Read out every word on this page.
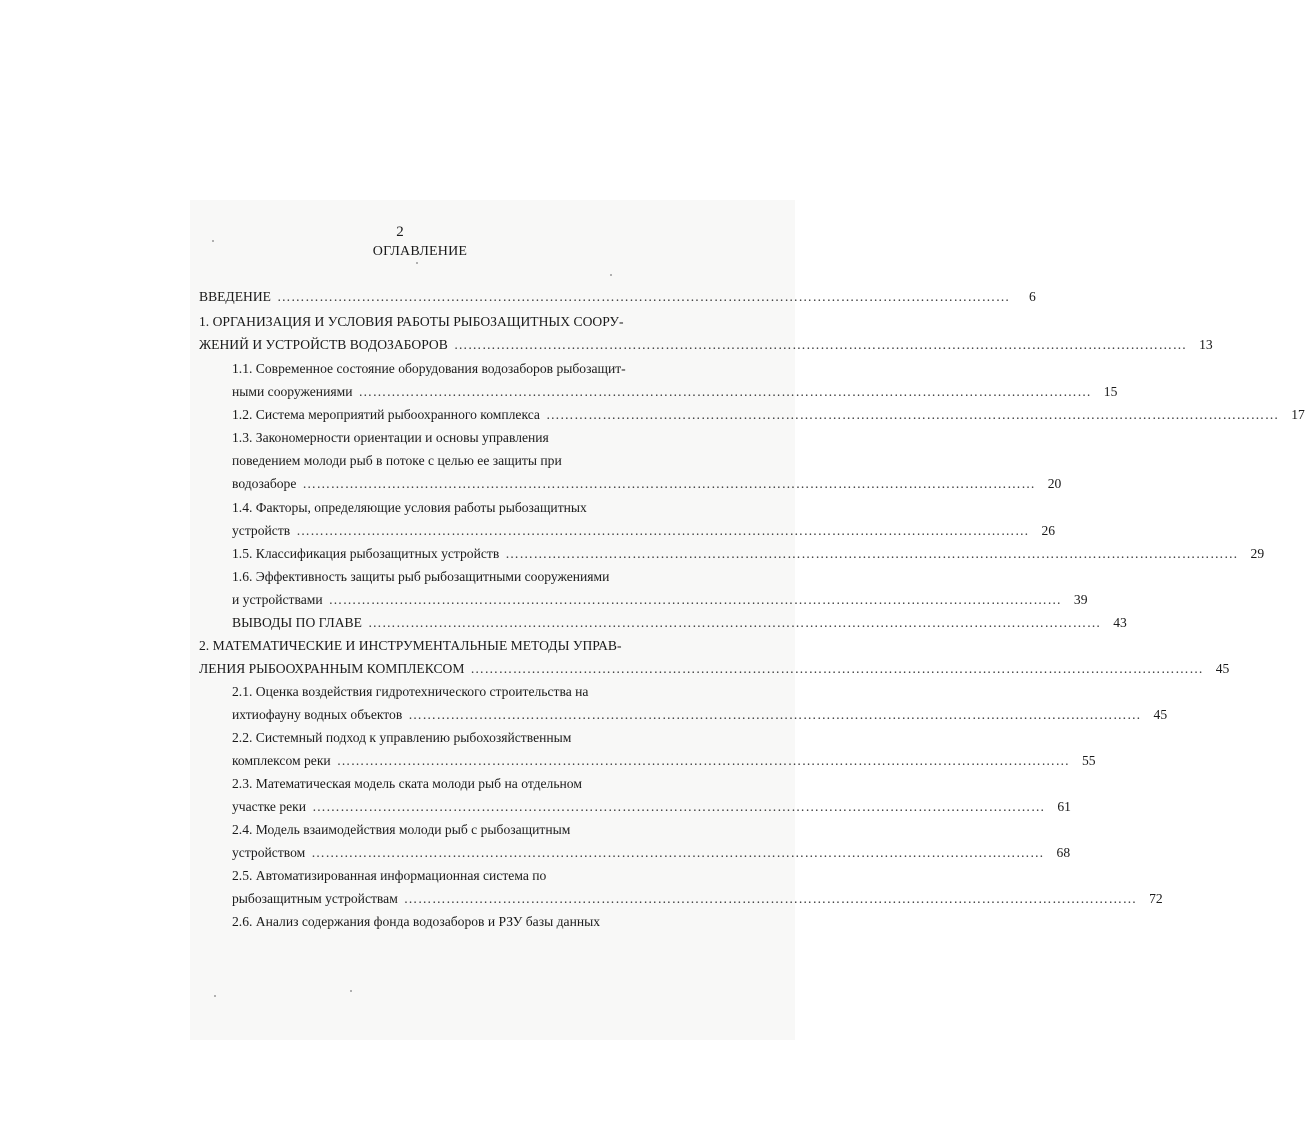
2
ОГЛАВЛЕНИЕ
ВВЕДЕНИЕ …………………………………………………………………………………………………………………………………………	6
1. ОРГАНИЗАЦИЯ И УСЛОВИЯ РАБОТЫ РЫБОЗАЩИТНЫХ СООРУ-
ЖЕНИЙ И УСТРОЙСТВ ВОДОЗАБОРОВ ………………………………………………………………………………………………………………………………………… 13
1.1. Современное состояние оборудования водозаборов рыбозащит-
ными сооружениями ………………………………………………………………………………………………………………………………………… 15
1.2. Система мероприятий рыбоохранного комплекса ………………………………………………………………………………………………………………………………………… 17
1.3. Закономерности ориентации и основы управления
поведением молоди рыб в потоке с целью ее защиты при
водозаборе ………………………………………………………………………………………………………………………………………… 20
1.4. Факторы, определяющие условия работы рыбозащитных
устройств ………………………………………………………………………………………………………………………………………… 26
1.5. Классификация рыбозащитных устройств ………………………………………………………………………………………………………………………………………… 29
1.6. Эффективность защиты рыб рыбозащитными сооружениями
и устройствами ………………………………………………………………………………………………………………………………………… 39
ВЫВОДЫ ПО ГЛАВЕ ………………………………………………………………………………………………………………………………………… 43
2. МАТЕМАТИЧЕСКИЕ И ИНСТРУМЕНТАЛЬНЫЕ МЕТОДЫ УПРАВ-
ЛЕНИЯ РЫБООХРАННЫМ КОМПЛЕКСОМ ………………………………………………………………………………………………………………………………………… 45
2.1. Оценка воздействия гидротехнического строительства на
ихтиофауну водных объектов ………………………………………………………………………………………………………………………………………… 45
2.2. Системный подход к управлению рыбохозяйственным
комплексом реки ………………………………………………………………………………………………………………………………………… 55
2.3. Математическая модель ската молоди рыб на отдельном
участке реки ………………………………………………………………………………………………………………………………………… 61
2.4. Модель взаимодействия молоди рыб с рыбозащитным
устройством ………………………………………………………………………………………………………………………………………… 68
2.5. Автоматизированная информационная система по
рыбозащитным устройствам ………………………………………………………………………………………………………………………………………… 72
2.6. Анализ содержания фонда водозаборов и РЗУ базы данных
